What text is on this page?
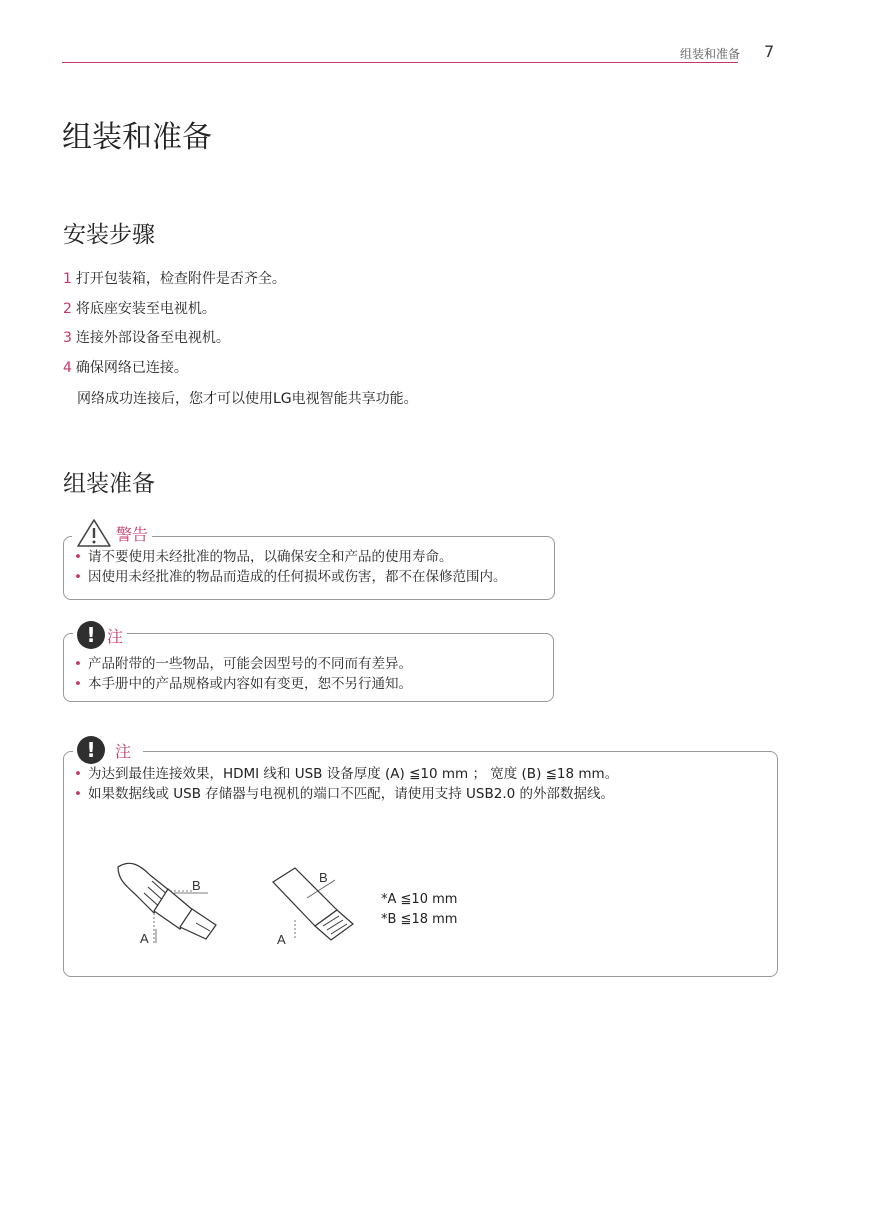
组装和准备 7
组装和准备
安装步骤
1 打开包装箱，检查附件是否齐全。
2 将底座安装至电视机。
3 连接外部设备至电视机。
4 确保网络已连接。
网络成功连接后，您才可以使用LG电视智能共享功能。
组装准备
• 请不要使用未经批准的物品，以确保安全和产品的使用寿命。
• 因使用未经批准的物品而造成的任何损坏或伤害，都不在保修范围内。
警告
• 产品附带的一些物品，可能会因型号的不同而有差异。
• 本手册中的产品规格或内容如有变更，恕不另行通知。
! 注
• 为达到最佳连接效果，HDMI 线和 USB 设备厚度 (A) ≦10 mm ； 宽度 (B) ≦18 mm。
• 如果数据线或 USB 存储器与电视机的端口不匹配，请使用支持 USB2.0 的外部数据线。
!	注
B
A
B
A
*A ≦10 mm
*B ≦18 mm
